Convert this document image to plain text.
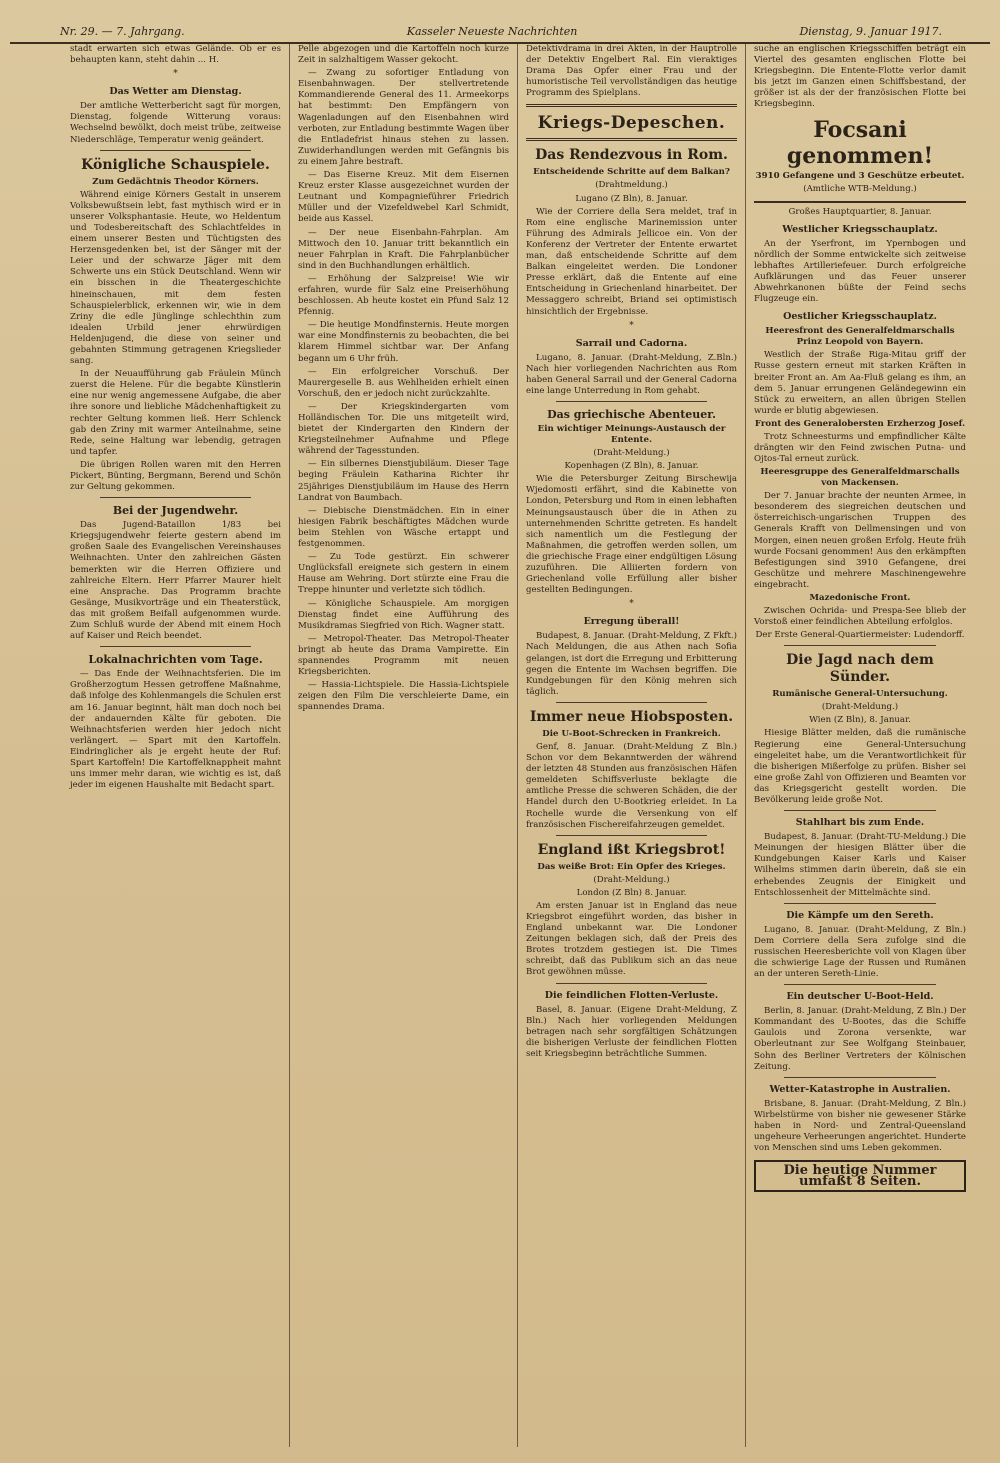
Nr. 29. — 7. Jahrgang.	Kasseler Neueste Nachrichten	Dienstag, 9. Januar 1917.

stadt erwarten sich etwas Gelände. Ob er es behaupten kann, steht dahin ... H.

*
Das Wetter am Dienstag.

Der amtliche Wetterbericht sagt für morgen, Dienstag, folgende Witterung voraus: Wechselnd bewölkt, doch meist trübe, zeitweise Niederschläge, Temperatur wenig geändert.

Königliche Schauspiele.
Zum Gedächtnis Theodor Körners.

Während einige Körners Gestalt in unserem Volksbewußtsein lebt, fast mythisch wird er in unserer Volksphantasie. Heute, wo Heldentum und Todesbereitschaft des Schlachtfeldes in einem unserer Besten und Tüchtigsten des Herzensgedenken bei, ist der Sänger mit der Leier und der schwarze Jäger mit dem Schwerte uns ein Stück Deutschland. Wenn wir ein bisschen in die Theatergeschichte hineinschauen, mit dem festen Schauspielerblick, erkennen wir, wie in dem Zriny die edle Jünglinge schlechthin zum idealen Urbild jener ehrwürdigen Heldenjugend, die diese von seiner und gebahnten Stimmung getragenen Kriegslieder sang.

In der Neuaufführung gab Fräulein Münch zuerst die Helene. Für die begabte Künstlerin eine nur wenig angemessene Aufgabe, die aber ihre sonore und liebliche Mädchenhaftigkeit zu rechter Geltung kommen ließ. Herr Schlenck gab den Zriny mit warmer Anteilnahme, seine Rede, seine Haltung war lebendig, getragen und tapfer.

Die übrigen Rollen waren mit den Herren Pickert, Bünting, Bergmann, Berend und Schön zur Geltung gekommen.

Bei der Jugendwehr.

Das Jugend-Bataillon 1/83 bei Kriegsjugendwehr feierte gestern abend im großen Saale des Evangelischen Vereinshauses Weihnachten. Unter den zahlreichen Gästen bemerkten wir die Herren Offiziere und zahlreiche Eltern. Herr Pfarrer Maurer hielt eine Ansprache. Das Programm brachte Gesänge, Musikvorträge und ein Theaterstück, das mit großem Beifall aufgenommen wurde. Zum Schluß wurde der Abend mit einem Hoch auf Kaiser und Reich beendet.

Lokalnachrichten vom Tage.

— Das Ende der Weihnachtsferien. Die im Großherzogtum Hessen getroffene Maßnahme, daß infolge des Kohlenmangels die Schulen erst am 16. Januar beginnt, hält man doch noch bei der andauernden Kälte für geboten. Die Weihnachtsferien werden hier jedoch nicht verlängert. — Spart mit den Kartoffeln. Eindringlicher als je ergeht heute der Ruf: Spart Kartoffeln! Die Kartoffelknappheit mahnt uns immer mehr daran, wie wichtig es ist, daß jeder im eigenen Haushalte mit Bedacht spart.

Pelle abgezogen und die Kartoffeln noch kurze Zeit in salzhaltigem Wasser gekocht.

— Zwang zu sofortiger Entladung von Eisenbahnwagen. Der stellvertretende Kommandierende General des 11. Armeekorps hat bestimmt: Den Empfängern von Wagenladungen auf den Eisenbahnen wird verboten, zur Entladung bestimmte Wagen über die Entladefrist hinaus stehen zu lassen. Zuwiderhandlungen werden mit Gefängnis bis zu einem Jahre bestraft.

— Das Eiserne Kreuz. Mit dem Eisernen Kreuz erster Klasse ausgezeichnet wurden der Leutnant und Kompagnieführer Friedrich Müller und der Vizefeldwebel Karl Schmidt, beide aus Kassel.

— Der neue Eisenbahn-Fahrplan. Am Mittwoch den 10. Januar tritt bekanntlich ein neuer Fahrplan in Kraft. Die Fahrplanbücher sind in den Buchhandlungen erhältlich.

— Erhöhung der Salzpreise! Wie wir erfahren, wurde für Salz eine Preiserhöhung beschlossen. Ab heute kostet ein Pfund Salz 12 Pfennig.

— Die heutige Mondfinsternis. Heute morgen war eine Mondfinsternis zu beobachten, die bei klarem Himmel sichtbar war. Der Anfang begann um 6 Uhr früh.

— Ein erfolgreicher Vorschuß. Der Maurergeselle B. aus Wehlheiden erhielt einen Vorschuß, den er jedoch nicht zurückzahlte.

— Der Kriegskindergarten vom Holländischen Tor. Die uns mitgeteilt wird, bietet der Kindergarten den Kindern der Kriegsteilnehmer Aufnahme und Pflege während der Tagesstunden.

— Ein silbernes Dienstjubiläum. Dieser Tage beging Fräulein Katharina Richter ihr 25jähriges Dienstjubiläum im Hause des Herrn Landrat von Baumbach.

— Diebische Dienstmädchen. Ein in einer hiesigen Fabrik beschäftigtes Mädchen wurde beim Stehlen von Wäsche ertappt und festgenommen.

— Zu Tode gestürzt. Ein schwerer Unglücksfall ereignete sich gestern in einem Hause am Wehring. Dort stürzte eine Frau die Treppe hinunter und verletzte sich tödlich.

— Königliche Schauspiele. Am morgigen Dienstag findet eine Aufführung des Musikdramas Siegfried von Rich. Wagner statt.

— Metropol-Theater. Das Metropol-Theater bringt ab heute das Drama Vampirette. Ein spannendes Programm mit neuen Kriegsberichten.

— Hassia-Lichtspiele. Die Hassia-Lichtspiele zeigen den Film Die verschleierte Dame, ein spannendes Drama.

Detektivdrama in drei Akten, in der Hauptrolle der Detektiv Engelbert Ral. Ein vieraktiges Drama Das Opfer einer Frau und der humoristische Teil vervollständigen das heutige Programm des Spielplans.

Kriegs-Depeschen.
Das Rendezvous in Rom.
Entscheidende Schritte auf dem Balkan?
(Drahtmeldung.)
Lugano (Z Bln), 8. Januar.

Wie der Corriere della Sera meldet, traf in Rom eine englische Marinemission unter Führung des Admirals Jellicoe ein. Von der Konferenz der Vertreter der Entente erwartet man, daß entscheidende Schritte auf dem Balkan eingeleitet werden. Die Londoner Presse erklärt, daß die Entente auf eine Entscheidung in Griechenland hinarbeitet. Der Messaggero schreibt, Briand sei optimistisch hinsichtlich der Ergebnisse.

*
Sarrail und Cadorna.

Lugano, 8. Januar. (Draht-Meldung, Z.Bln.) Nach hier vorliegenden Nachrichten aus Rom haben General Sarrail und der General Cadorna eine lange Unterredung in Rom gehabt.

Das griechische Abenteuer.
Ein wichtiger Meinungs-Austausch der Entente.
(Draht-Meldung.)
Kopenhagen (Z Bln), 8. Januar.

Wie die Petersburger Zeitung Birschewija Wjedomosti erfährt, sind die Kabinette von London, Petersburg und Rom in einen lebhaften Meinungsaustausch über die in Athen zu unternehmenden Schritte getreten. Es handelt sich namentlich um die Festlegung der Maßnahmen, die getroffen werden sollen, um die griechische Frage einer endgültigen Lösung zuzuführen. Die Alliierten fordern von Griechenland volle Erfüllung aller bisher gestellten Bedingungen.

*
Erregung überall!

Budapest, 8. Januar. (Draht-Meldung, Z Fkft.) Nach Meldungen, die aus Athen nach Sofia gelangen, ist dort die Erregung und Erbitterung gegen die Entente im Wachsen begriffen. Die Kundgebungen für den König mehren sich täglich.

Immer neue Hiobsposten.
Die U-Boot-Schrecken in Frankreich.

Genf, 8. Januar. (Draht-Meldung Z Bln.) Schon vor dem Bekanntwerden der während der letzten 48 Stunden aus französischen Häfen gemeldeten Schiffsverluste beklagte die amtliche Presse die schweren Schäden, die der Handel durch den U-Bootkrieg erleidet. In La Rochelle wurde die Versenkung von elf französischen Fischereifahrzeugen gemeldet.

England ißt Kriegsbrot!
Das weiße Brot: Ein Opfer des Krieges.
(Draht-Meldung.)
London (Z Bln) 8. Januar.

Am ersten Januar ist in England das neue Kriegsbrot eingeführt worden, das bisher in England unbekannt war. Die Londoner Zeitungen beklagen sich, daß der Preis des Brotes trotzdem gestiegen ist. Die Times schreibt, daß das Publikum sich an das neue Brot gewöhnen müsse.

Die feindlichen Flotten-Verluste.

Basel, 8. Januar. (Eigene Draht-Meldung, Z Bln.) Nach hier vorliegenden Meldungen betragen nach sehr sorgfältigen Schätzungen die bisherigen Verluste der feindlichen Flotten seit Kriegsbeginn beträchtliche Summen.

suche an englischen Kriegsschiffen beträgt ein Viertel des gesamten englischen Flotte bei Kriegsbeginn. Die Entente-Flotte verlor damit bis jetzt im Ganzen einen Schiffsbestand, der größer ist als der der französischen Flotte bei Kriegsbeginn.

Focsani genommen!
3910 Gefangene und 3 Geschütze erbeutet.
(Amtliche WTB-Meldung.)
Großes Hauptquartier, 8. Januar.
Westlicher Kriegsschauplatz.

An der Yserfront, im Ypernbogen und nördlich der Somme entwickelte sich zeitweise lebhaftes Artilleriefeuer. Durch erfolgreiche Aufklärungen und das Feuer unserer Abwehrkanonen büßte der Feind sechs Flugzeuge ein.

Oestlicher Kriegsschauplatz.
Heeresfront des Generalfeldmarschalls Prinz Leopold von Bayern.

Westlich der Straße Riga-Mitau griff der Russe gestern erneut mit starken Kräften in breiter Front an. Am Aa-Fluß gelang es ihm, an dem 5. Januar errungenen Geländegewinn ein Stück zu erweitern, an allen übrigen Stellen wurde er blutig abgewiesen.

Front des Generalobersten Erzherzog Josef.

Trotz Schneesturms und empfindlicher Kälte drängten wir den Feind zwischen Putna- und Ojtos-Tal erneut zurück.

Heeresgruppe des Generalfeldmarschalls von Mackensen.

Der 7. Januar brachte der neunten Armee, in besonderem des siegreichen deutschen und österreichisch-ungarischen Truppen des Generals Krafft von Dellmensingen und von Morgen, einen neuen großen Erfolg. Heute früh wurde Focsani genommen! Aus den erkämpften Befestigungen sind 3910 Gefangene, drei Geschütze und mehrere Maschinengewehre eingebracht.

Mazedonische Front.

Zwischen Ochrida- und Prespa-See blieb der Vorstoß einer feindlichen Abteilung erfolglos.

Der Erste General-Quartiermeister: Ludendorff.
Die Jagd nach dem Sünder.
Rumänische General-Untersuchung.
(Draht-Meldung.)
Wien (Z Bln), 8. Januar.

Hiesige Blätter melden, daß die rumänische Regierung eine General-Untersuchung eingeleitet habe, um die Verantwortlichkeit für die bisherigen Mißerfolge zu prüfen. Bisher sei eine große Zahl von Offizieren und Beamten vor das Kriegsgericht gestellt worden. Die Bevölkerung leide große Not.

Stahlhart bis zum Ende.

Budapest, 8. Januar. (Draht-TU-Meldung.) Die Meinungen der hiesigen Blätter über die Kundgebungen Kaiser Karls und Kaiser Wilhelms stimmen darin überein, daß sie ein erhebendes Zeugnis der Einigkeit und Entschlossenheit der Mittelmächte sind.

Die Kämpfe um den Sereth.

Lugano, 8. Januar. (Draht-Meldung, Z Bln.) Dem Corriere della Sera zufolge sind die russischen Heeresberichte voll von Klagen über die schwierige Lage der Russen und Rumänen an der unteren Sereth-Linie.

Ein deutscher U-Boot-Held.

Berlin, 8. Januar. (Draht-Meldung, Z Bln.) Der Kommandant des U-Bootes, das die Schiffe Gaulois und Zorona versenkte, war Oberleutnant zur See Wolfgang Steinbauer, Sohn des Berliner Vertreters der Kölnischen Zeitung.

Wetter-Katastrophe in Australien.

Brisbane, 8. Januar. (Draht-Meldung, Z Bln.) Wirbelstürme von bisher nie gewesener Stärke haben in Nord- und Zentral-Queensland ungeheure Verheerungen angerichtet. Hunderte von Menschen sind ums Leben gekommen.

Die heutige Nummer umfaßt 8 Seiten.
